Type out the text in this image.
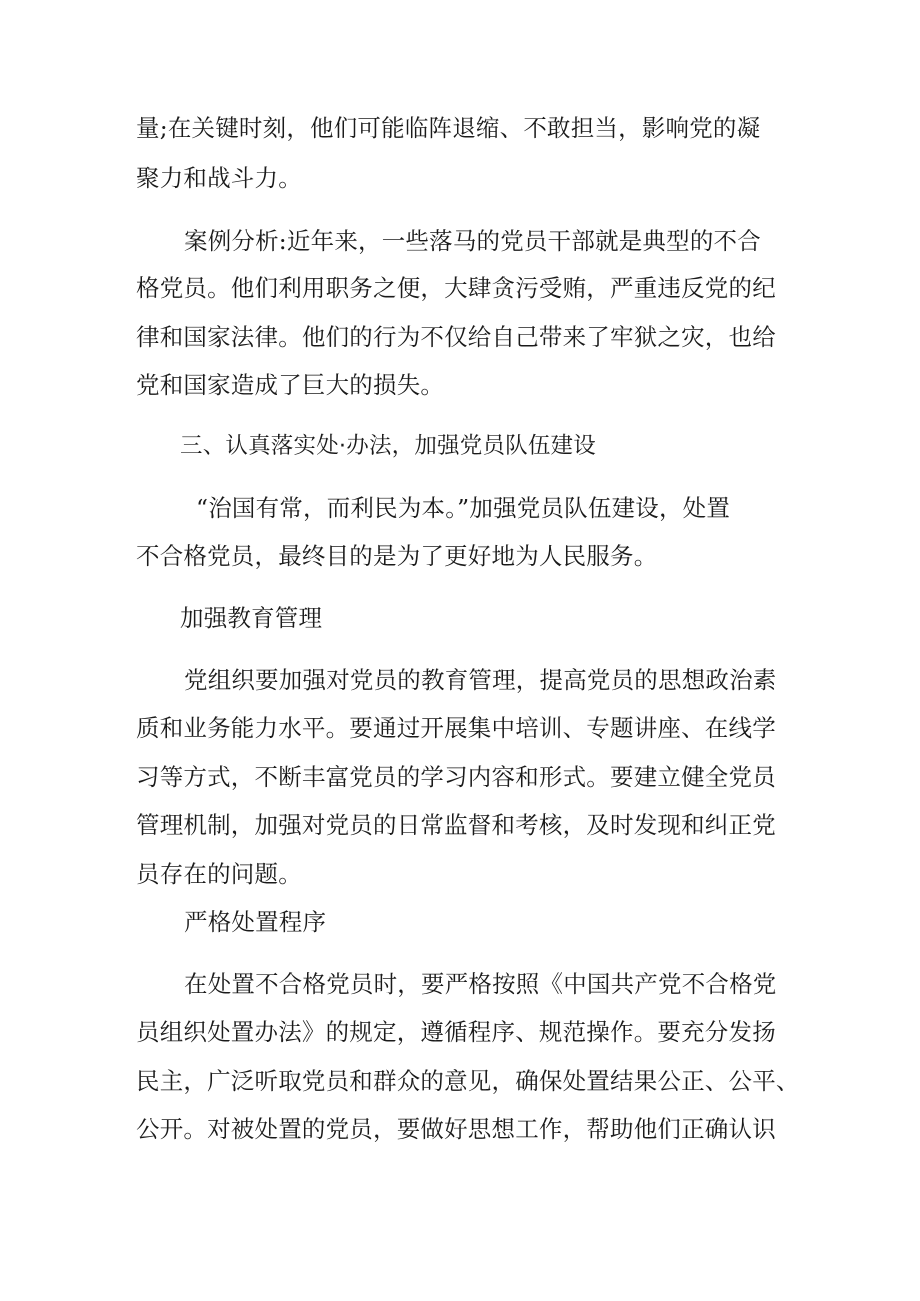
量;在关键时刻，他们可能临阵退缩、不敢担当，影响党的凝
聚力和战斗力。
案例分析:近年来，一些落马的党员干部就是典型的不合
格党员。他们利用职务之便，大肆贪污受贿，严重违反党的纪
律和国家法律。他们的行为不仅给自己带来了牢狱之灾，也给
党和国家造成了巨大的损失。
三、认真落实处·办法，加强党员队伍建设
“治国有常，而利民为本。”加强党员队伍建设，处置
不合格党员，最终目的是为了更好地为人民服务。
加强教育管理
党组织要加强对党员的教育管理，提高党员的思想政治素
质和业务能力水平。要通过开展集中培训、专题讲座、在线学
习等方式，不断丰富党员的学习内容和形式。要建立健全党员
管理机制，加强对党员的日常监督和考核，及时发现和纠正党
员存在的问题。
严格处置程序
在处置不合格党员时，要严格按照《中国共产党不合格党
员组织处置办法》的规定，遵循程序、规范操作。要充分发扬
民主，广泛听取党员和群众的意见，确保处置结果公正、公平、
公开。对被处置的党员，要做好思想工作，帮助他们正确认识
